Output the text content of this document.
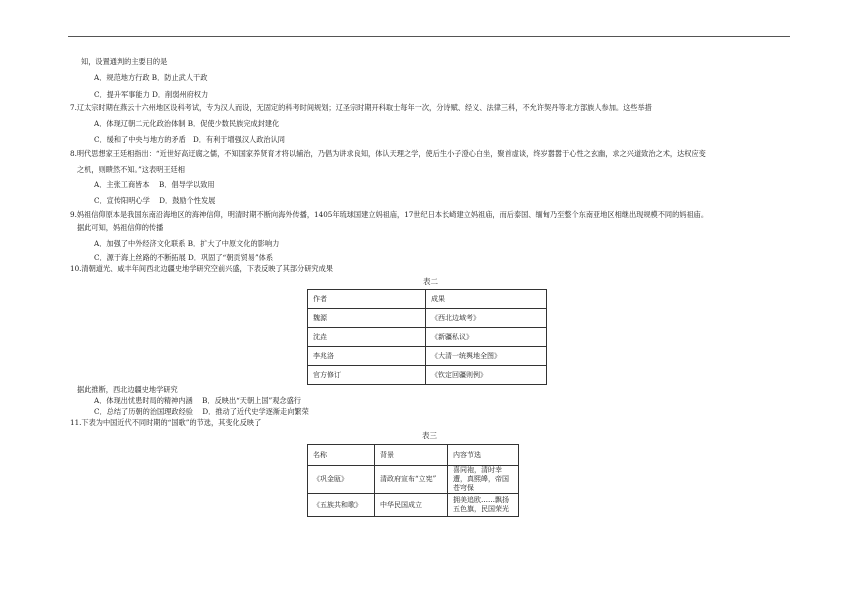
知，设置通判的主要目的是
A．规范地方行政 B．防止武人干政
C．提升军事能力 D．削弱州府权力
7.辽太宗时期在燕云十六州地区设科考试，专为汉人而设，无固定的科考时间规划；辽圣宗时期开科取士每年一次，分诗赋、经义、法律三科，不允许契丹等北方部族人参加。这些举措
A．体现辽朝二元化政治体制 B．促使少数民族完成封建化
C．缓和了中央与地方的矛盾　D．有利于增强汉人政治认同
8.明代思想家王廷相指出：“近世好高迂腐之儒，不知国家养贤育才将以辅治，乃倡为讲求良知，体认天理之学，使后生小子澄心白坐，聚首虚谈，终岁嚣嚣于心性之玄幽，求之兴道致治之术，达权应变
之机，则瞆然不知。”这表明王廷相
A．主张工商皆本　 B．倡导学以致用
C．宣传阳明心学　 D．鼓励个性发展
9.妈祖信仰原本是我国东南沿海地区的海神信仰，明清时期不断向海外传播，1405年琉球国建立妈祖庙，17世纪日本长崎建立妈祖庙，而后泰国、缅甸乃至整个东南亚地区相继出现规模不同的妈祖庙。
据此可知，妈祖信仰的传播
A．加强了中外经济文化联系 B．扩大了中原文化的影响力
C．源于海上丝路的不断拓展 D．巩固了“朝贡贸易”体系
10.清朝道光、咸丰年间西北边疆史地学研究空前兴盛，下表反映了其部分研究成果
表二
作者	成果
魏源	《西北边域考》
沈垚	《新疆私议》
李兆洛	《大清一统舆地全图》
官方修订	《钦定回疆则例》
据此推断，西北边疆史地学研究
A．体现出忧患时局的精神内涵　 B．反映出“天朝上国”观念盛行
C．总结了历朝的治国理政经验　 D．推动了近代史学逐渐走向繁荣
11.下表为中国近代不同时期的“国歌”的节选，其变化反映了
表三
名称	背景	内容节选
《巩金瓯》	清政府宣布“立宪”	喜同袍，清时幸遭，真熙皞，帝国苍穹保
《五族共和歌》	中华民国成立	拥美追欧……飘扬五色旗，民国荣光
